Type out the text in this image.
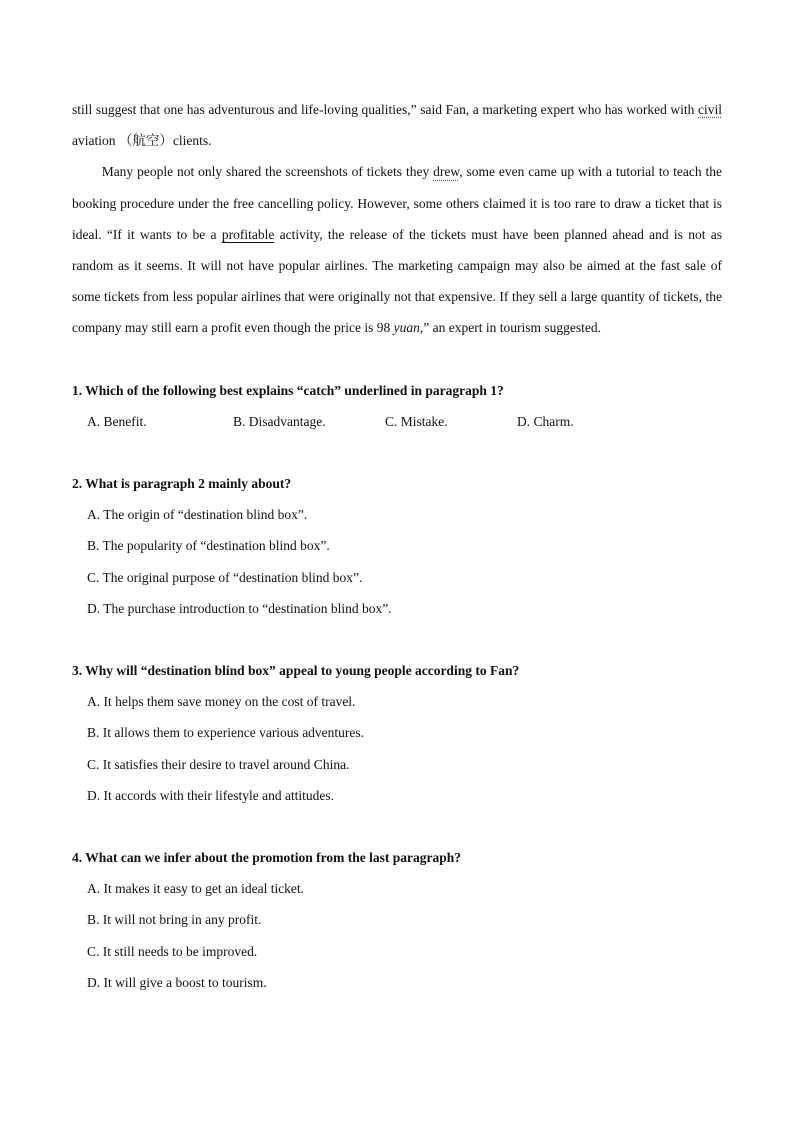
still suggest that one has adventurous and life-loving qualities,” said Fan, a marketing expert who has worked with civil aviation （航空）clients.

Many people not only shared the screenshots of tickets they drew, some even came up with a tutorial to teach the booking procedure under the free cancelling policy. However, some others claimed it is too rare to draw a ticket that is ideal. “If it wants to be a profitable activity, the release of the tickets must have been planned ahead and is not as random as it seems. It will not have popular airlines. The marketing campaign may also be aimed at the fast sale of some tickets from less popular airlines that were originally not that expensive. If they sell a large quantity of tickets, the company may still earn a profit even though the price is 98 yuan,” an expert in tourism suggested.

1. Which of the following best explains “catch” underlined in paragraph 1?

A. Benefit.	B. Disadvantage.	C. Mistake.	D. Charm.

2. What is paragraph 2 mainly about?

A. The origin of “destination blind box”.

B. The popularity of “destination blind box”.

C. The original purpose of “destination blind box”.

D. The purchase introduction to “destination blind box”.

3. Why will “destination blind box” appeal to young people according to Fan?

A. It helps them save money on the cost of travel.

B. It allows them to experience various adventures.

C. It satisfies their desire to travel around China.

D. It accords with their lifestyle and attitudes.

4. What can we infer about the promotion from the last paragraph?

A. It makes it easy to get an ideal ticket.

B. It will not bring in any profit.

C. It still needs to be improved.

D. It will give a boost to tourism.
